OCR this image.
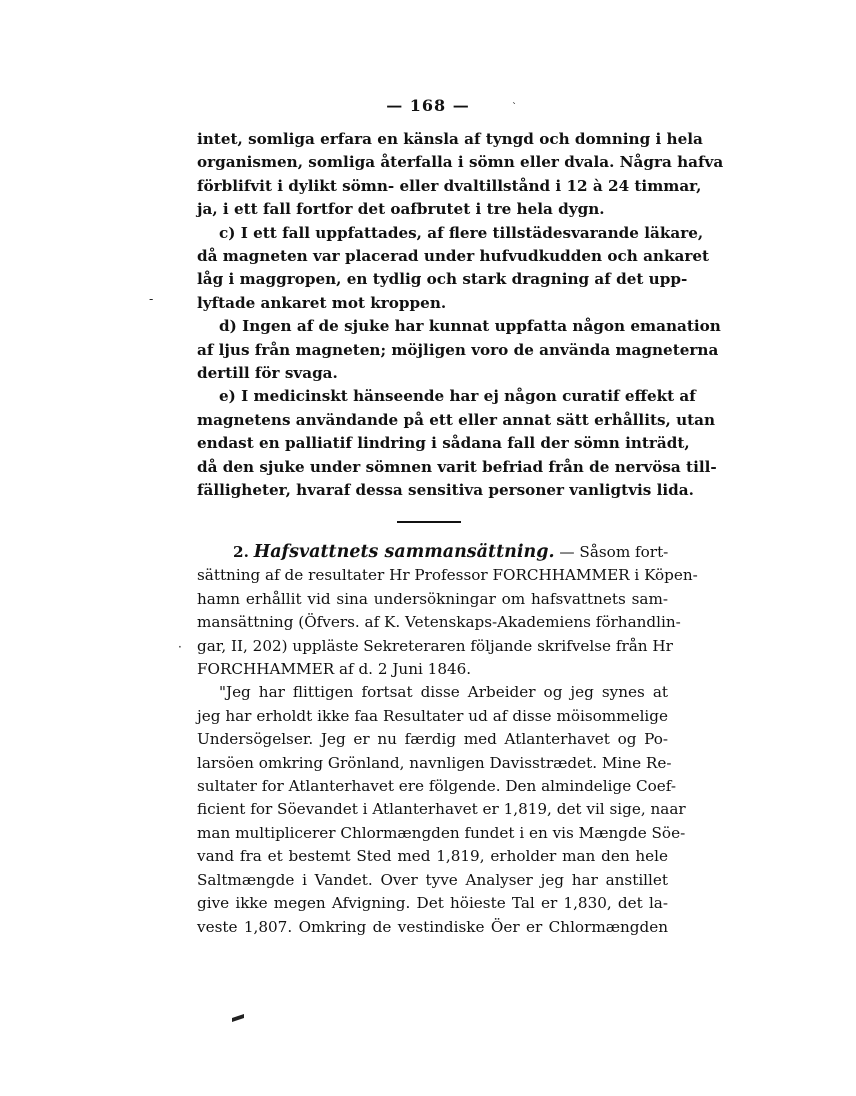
— 168 —	`
intet, somliga erfara en känsla af tyngd och domning i hela
organismen, somliga återfalla i sömn eller dvala. Några hafva
förblifvit i dylikt sömn- eller dvaltillstånd i 12 à 24 timmar,
ja, i ett fall fortfor det oafbrutet i tre hela dygn.
c) I ett fall uppfattades, af flere tillstädesvarande läkare,
då magneten var placerad under hufvudkudden och ankaret
låg i maggropen, en tydlig och stark dragning af det upp-
lyftade ankaret mot kroppen.
d) Ingen af de sjuke har kunnat uppfatta någon emanation
af ljus från magneten; möjligen voro de använda magneterna
dertill för svaga.
e) I medicinskt hänseende har ej någon curatif effekt af
magnetens användande på ett eller annat sätt erhållits, utan
endast en palliatif lindring i sådana fall der sömn inträdt,
då den sjuke under sömnen varit befriad från de nervösa till-
fälligheter, hvaraf dessa sensitiva personer vanligtvis lida.
-
2. Hafsvattnets sammansättning. — Såsom fort-
sättning af de resultater Hr Professor FORCHHAMMER i Köpen-
hamn erhållit vid sina undersökningar om hafsvattnets sam-
mansättning (Öfvers. af K. Vetenskaps-Akademiens förhandlin-
gar, II, 202) uppläste Sekreteraren följande skrifvelse från Hr
FORCHHAMMER af d. 2 Juni 1846.
"Jeg har flittigen fortsat disse Arbeider og jeg synes at
jeg har erholdt ikke faa Resultater ud af disse möisommelige
Undersögelser. Jeg er nu færdig med Atlanterhavet og Po-
larsöen omkring Grönland, navnligen Davisstrædet. Mine Re-
sultater for Atlanterhavet ere fölgende. Den almindelige Coef-
ficient for Söevandet i Atlanterhavet er 1,819, det vil sige, naar
man multiplicerer Chlormængden fundet i en vis Mængde Söe-
vand fra et bestemt Sted med 1,819, erholder man den hele
Saltmængde i Vandet. Over tyve Analyser jeg har anstillet
give ikke megen Afvigning. Det höieste Tal er 1,830, det la-
veste 1,807. Omkring de vestindiske Öer er Chlormængden
·
